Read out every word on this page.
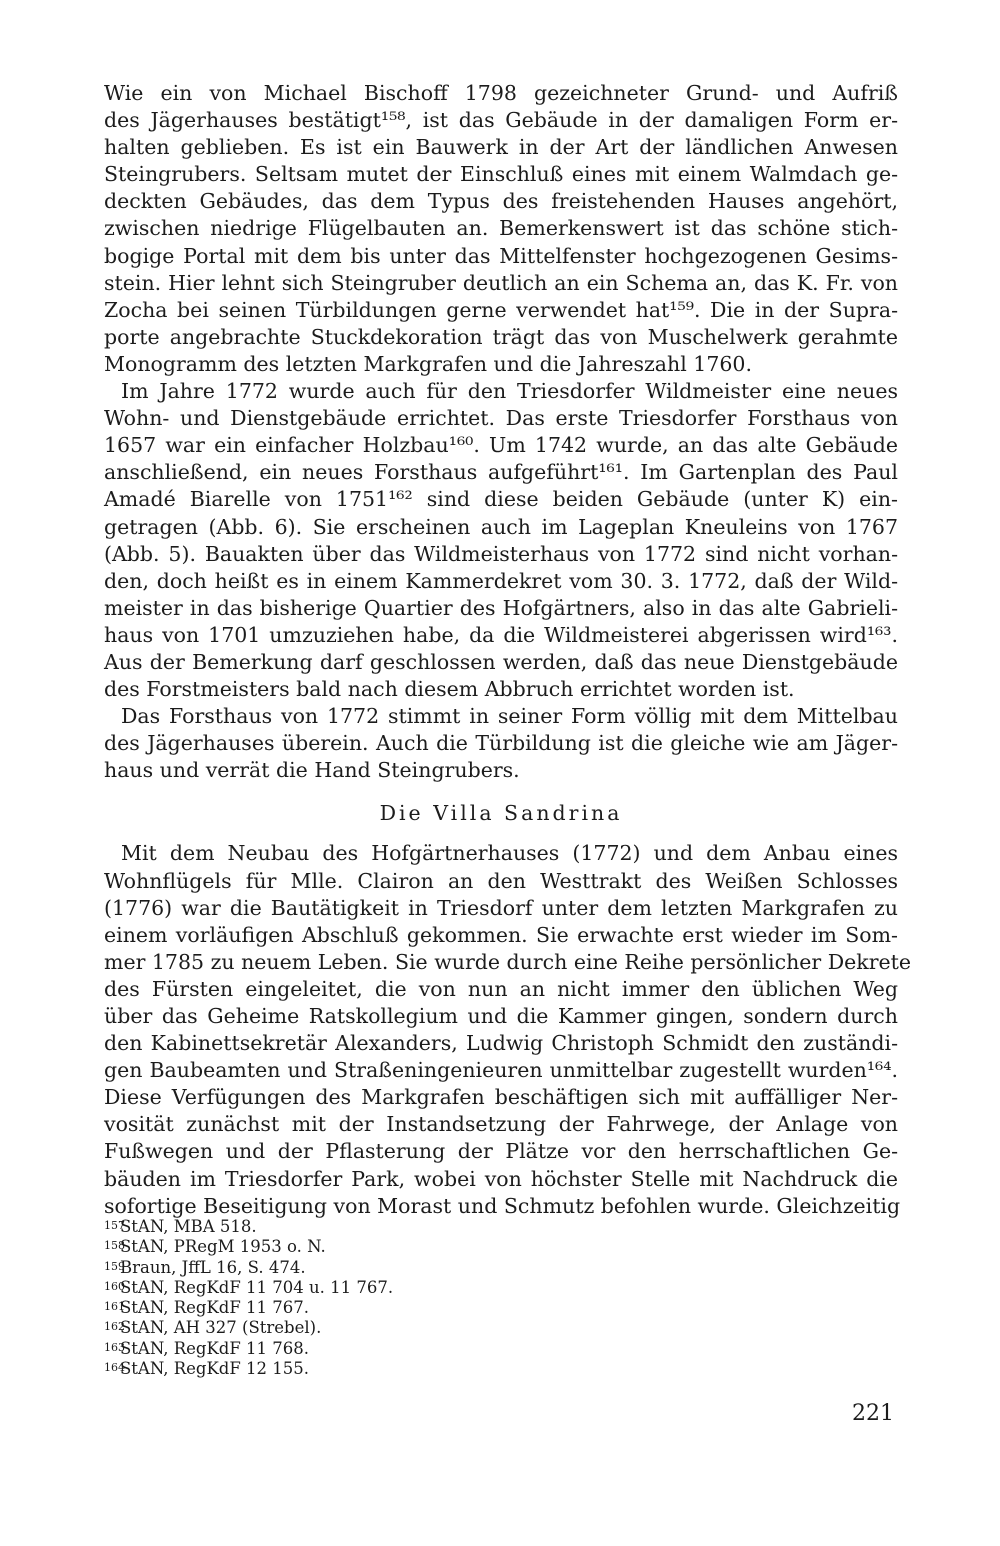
Wie ein von Michael Bischoff 1798 gezeichneter Grund- und Aufriß
des Jägerhauses bestätigt¹⁵⁸, ist das Gebäude in der damaligen Form er-
halten geblieben. Es ist ein Bauwerk in der Art der ländlichen Anwesen
Steingrubers. Seltsam mutet der Einschluß eines mit einem Walmdach ge-
deckten Gebäudes, das dem Typus des freistehenden Hauses angehört,
zwischen niedrige Flügelbauten an. Bemerkenswert ist das schöne stich-
bogige Portal mit dem bis unter das Mittelfenster hochgezogenen Gesims-
stein. Hier lehnt sich Steingruber deutlich an ein Schema an, das K. Fr. von
Zocha bei seinen Türbildungen gerne verwendet hat¹⁵⁹. Die in der Supra-
porte angebrachte Stuckdekoration trägt das von Muschelwerk gerahmte
Monogramm des letzten Markgrafen und die Jahreszahl 1760.
Im Jahre 1772 wurde auch für den Triesdorfer Wildmeister eine neues
Wohn- und Dienstgebäude errichtet. Das erste Triesdorfer Forsthaus von
1657 war ein einfacher Holzbau¹⁶⁰. Um 1742 wurde, an das alte Gebäude
anschließend, ein neues Forsthaus aufgeführt¹⁶¹. Im Gartenplan des Paul
Amadé Biarelle von 1751¹⁶² sind diese beiden Gebäude (unter K) ein-
getragen (Abb. 6). Sie erscheinen auch im Lageplan Kneuleins von 1767
(Abb. 5). Bauakten über das Wildmeisterhaus von 1772 sind nicht vorhan-
den, doch heißt es in einem Kammerdekret vom 30. 3. 1772, daß der Wild-
meister in das bisherige Quartier des Hofgärtners, also in das alte Gabrieli-
haus von 1701 umzuziehen habe, da die Wildmeisterei abgerissen wird¹⁶³.
Aus der Bemerkung darf geschlossen werden, daß das neue Dienstgebäude
des Forstmeisters bald nach diesem Abbruch errichtet worden ist.
Das Forsthaus von 1772 stimmt in seiner Form völlig mit dem Mittelbau
des Jägerhauses überein. Auch die Türbildung ist die gleiche wie am Jäger-
haus und verrät die Hand Steingrubers.
Die Villa Sandrina
Mit dem Neubau des Hofgärtnerhauses (1772) und dem Anbau eines
Wohnflügels für Mlle. Clairon an den Westtrakt des Weißen Schlosses
(1776) war die Bautätigkeit in Triesdorf unter dem letzten Markgrafen zu
einem vorläufigen Abschluß gekommen. Sie erwachte erst wieder im Som-
mer 1785 zu neuem Leben. Sie wurde durch eine Reihe persönlicher Dekrete
des Fürsten eingeleitet, die von nun an nicht immer den üblichen Weg
über das Geheime Ratskollegium und die Kammer gingen, sondern durch
den Kabinettsekretär Alexanders, Ludwig Christoph Schmidt den zuständi-
gen Baubeamten und Straßeningenieuren unmittelbar zugestellt wurden¹⁶⁴.
Diese Verfügungen des Markgrafen beschäftigen sich mit auffälliger Ner-
vosität zunächst mit der Instandsetzung der Fahrwege, der Anlage von
Fußwegen und der Pflasterung der Plätze vor den herrschaftlichen Ge-
bäuden im Triesdorfer Park, wobei von höchster Stelle mit Nachdruck die
sofortige Beseitigung von Morast und Schmutz befohlen wurde. Gleichzeitig
157StAN, MBA 518.
158StAN, PRegM 1953 o. N.
159Braun, JffL 16, S. 474.
160StAN, RegKdF 11 704 u. 11 767.
161StAN, RegKdF 11 767.
162StAN, AH 327 (Strebel).
163StAN, RegKdF 11 768.
164StAN, RegKdF 12 155.
221
